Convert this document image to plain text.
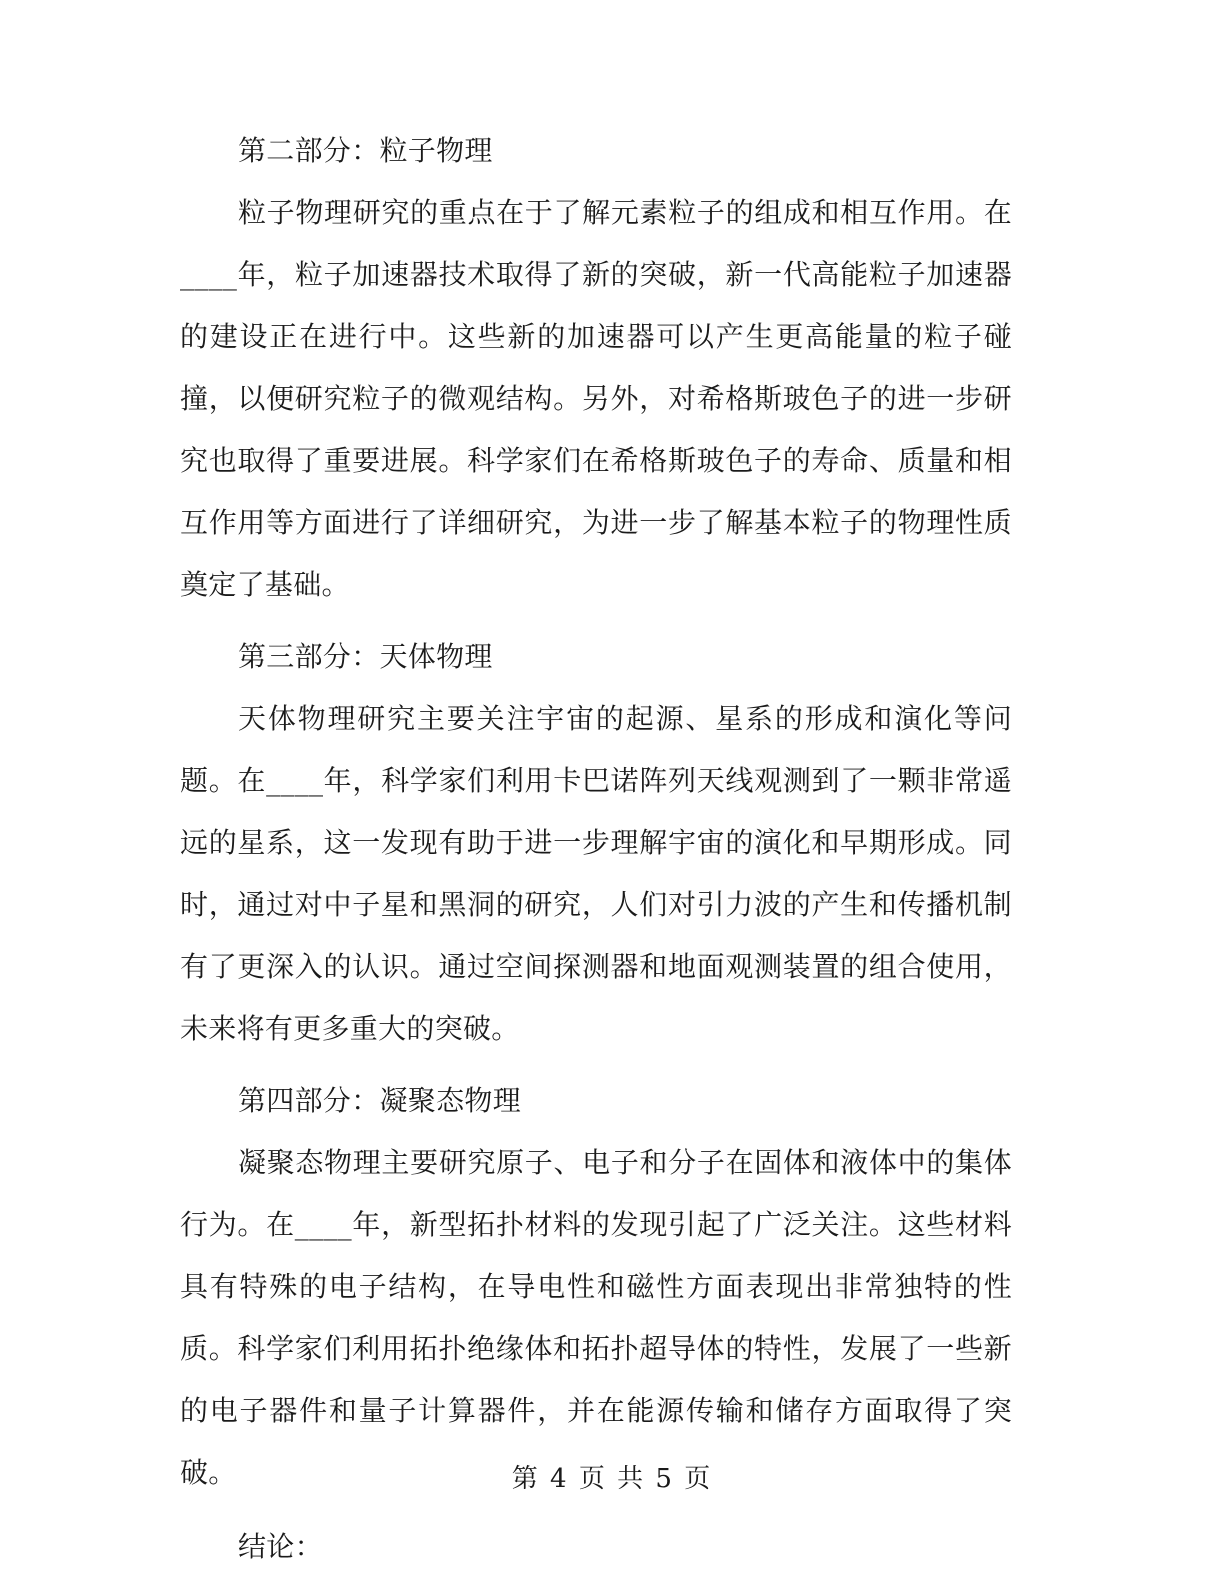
第二部分：粒子物理

粒子物理研究的重点在于了解元素粒子的组成和相互作用。在____年，粒子加速器技术取得了新的突破，新一代高能粒子加速器的建设正在进行中。这些新的加速器可以产生更高能量的粒子碰撞，以便研究粒子的微观结构。另外，对希格斯玻色子的进一步研究也取得了重要进展。科学家们在希格斯玻色子的寿命、质量和相互作用等方面进行了详细研究，为进一步了解基本粒子的物理性质奠定了基础。

第三部分：天体物理

天体物理研究主要关注宇宙的起源、星系的形成和演化等问题。在____年，科学家们利用卡巴诺阵列天线观测到了一颗非常遥远的星系，这一发现有助于进一步理解宇宙的演化和早期形成。同时，通过对中子星和黑洞的研究，人们对引力波的产生和传播机制有了更深入的认识。通过空间探测器和地面观测装置的组合使用，未来将有更多重大的突破。

第四部分：凝聚态物理

凝聚态物理主要研究原子、电子和分子在固体和液体中的集体行为。在____年，新型拓扑材料的发现引起了广泛关注。这些材料具有特殊的电子结构，在导电性和磁性方面表现出非常独特的性质。科学家们利用拓扑绝缘体和拓扑超导体的特性，发展了一些新的电子器件和量子计算器件，并在能源传输和储存方面取得了突破。

结论：

第 4 页 共 5 页
